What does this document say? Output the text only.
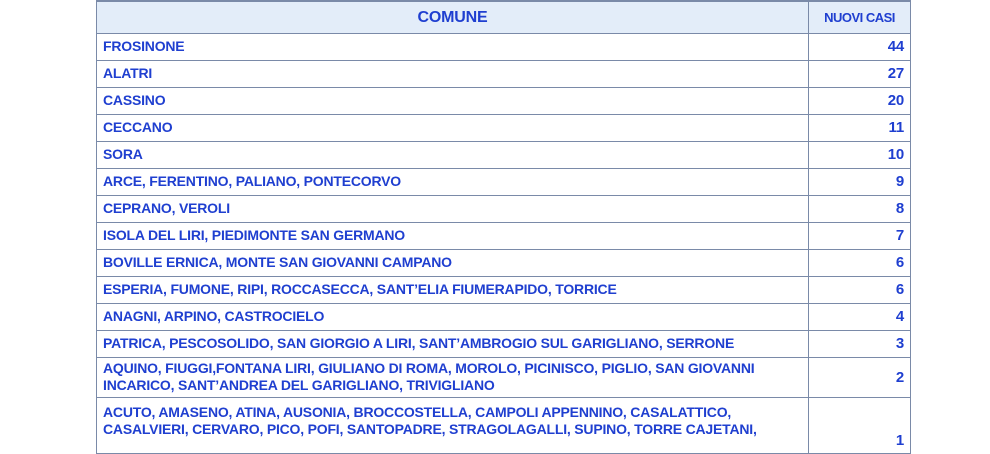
COMUNE	NUOVI CASI
FROSINONE	44
ALATRI	27
CASSINO	20
CECCANO	11
SORA	10
ARCE, FERENTINO, PALIANO, PONTECORVO	9
CEPRANO, VEROLI	8
ISOLA DEL LIRI, PIEDIMONTE SAN GERMANO	7
BOVILLE ERNICA, MONTE SAN GIOVANNI CAMPANO	6
ESPERIA, FUMONE, RIPI, ROCCASECCA, SANT’ELIA FIUMERAPIDO, TORRICE	6
ANAGNI, ARPINO, CASTROCIELO	4
PATRICA, PESCOSOLIDO, SAN GIORGIO A LIRI, SANT’AMBROGIO SUL GARIGLIANO, SERRONE	3
AQUINO, FIUGGI,FONTANA LIRI, GIULIANO DI ROMA, MOROLO, PICINISCO, PIGLIO, SAN GIOVANNI INCARICO, SANT’ANDREA DEL GARIGLIANO, TRIVIGLIANO	2
ACUTO, AMASENO, ATINA, AUSONIA, BROCCOSTELLA, CAMPOLI APPENNINO, CASALATTICO, CASALVIERI, CERVARO, PICO, POFI, SANTOPADRE, STRAGOLAGALLI, SUPINO, TORRE CAJETANI,	1
